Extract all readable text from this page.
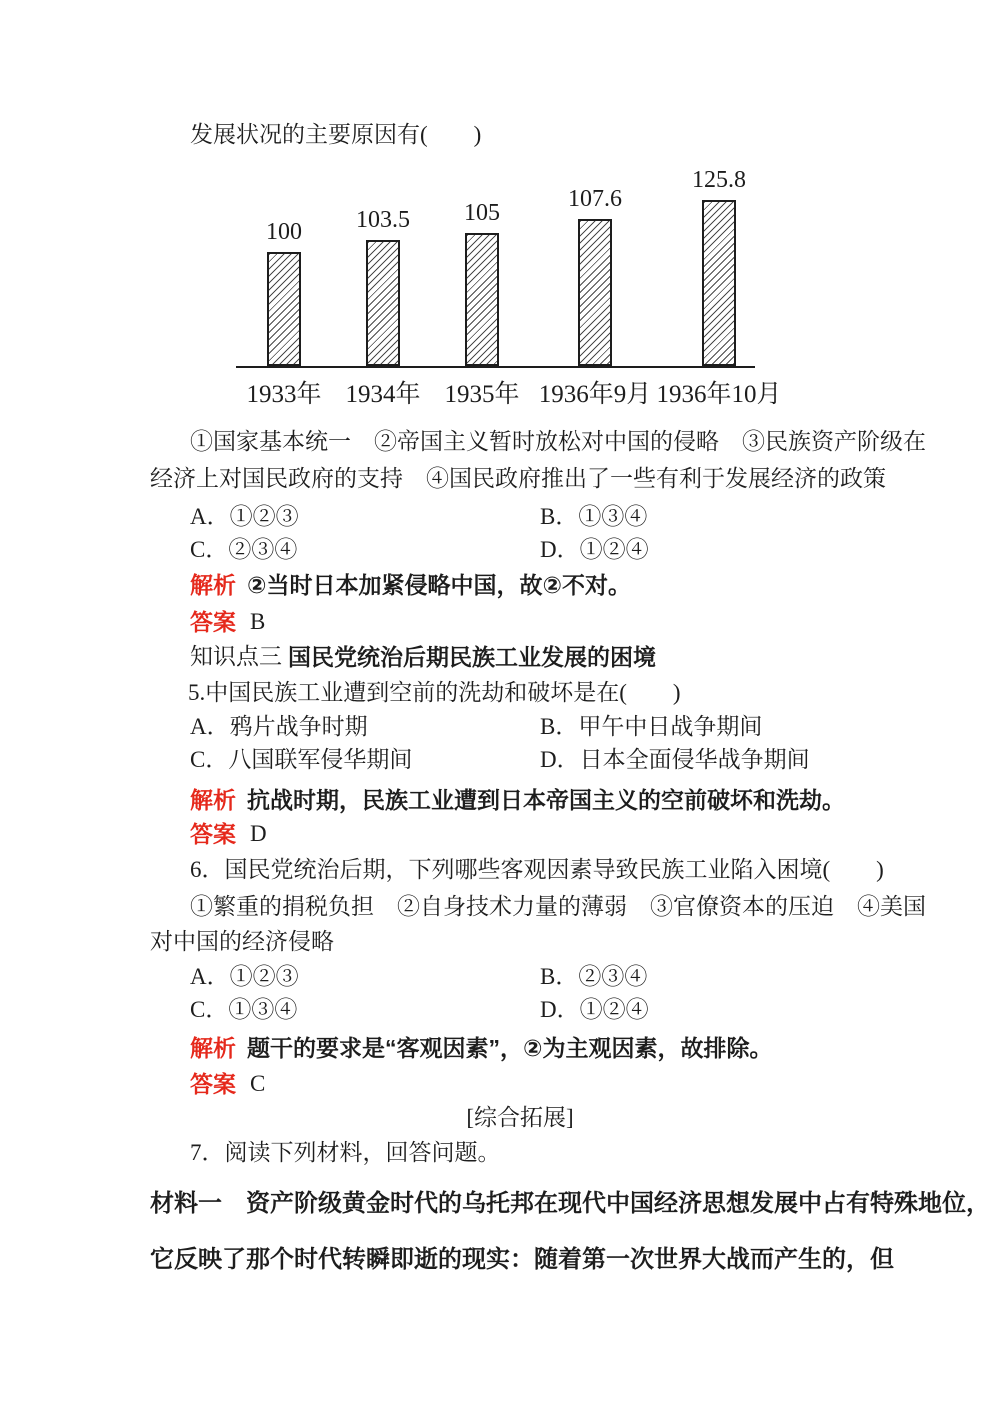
发展状况的主要原因有(　　)
100 103.5 105
107.6
125.8
1933年 1934年 1935年 1936年9月 1936年10月
①国家基本统一　②帝国主义暂时放松对中国的侵略　③民族资产阶级在
经济上对国民政府的支持　④国民政府推出了一些有利于发展经济的政策
A．①②③	B．①③④
C．②③④	D．①②④
解析 ②当时日本加紧侵略中国，故②不对。
答案 B
知识点三 国民党统治后期民族工业发展的困境
5.中国民族工业遭到空前的洗劫和破坏是在(　　)
A．鸦片战争时期	B．甲午中日战争期间
C．八国联军侵华期间	D．日本全面侵华战争期间
解析 抗战时期，民族工业遭到日本帝国主义的空前破坏和洗劫。
答案 D
6．国民党统治后期，下列哪些客观因素导致民族工业陷入困境(　　)
①繁重的捐税负担　②自身技术力量的薄弱　③官僚资本的压迫　④美国
对中国的经济侵略
A．①②③	B．②③④
C．①③④	D．①②④
解析 题干的要求是“客观因素”，②为主观因素，故排除。
答案 C
[综合拓展]
7．阅读下列材料，回答问题。
材料一　资产阶级黄金时代的乌托邦在现代中国经济思想发展中占有特殊地位，
它反映了那个时代转瞬即逝的现实：随着第一次世界大战而产生的，但
